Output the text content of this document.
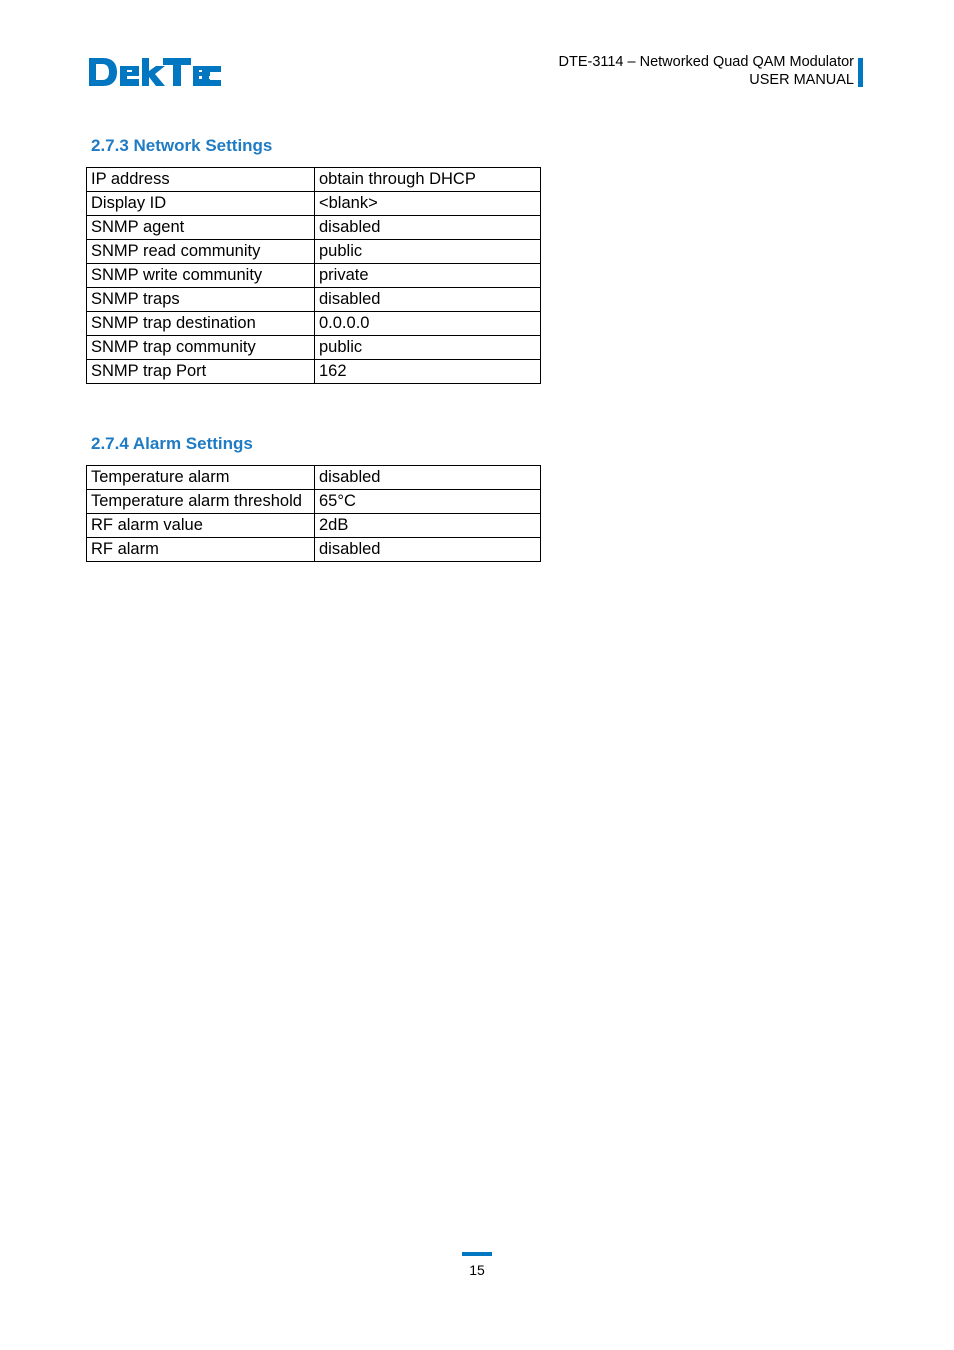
DekTec	DTE-3114 – Networked Quad QAM Modulator
USER MANUAL
2.7.3 Network Settings
IP address	obtain through DHCP
Display ID	<blank>
SNMP agent	disabled
SNMP read community	public
SNMP write community	private
SNMP traps	disabled
SNMP trap destination	0.0.0.0
SNMP trap community	public
SNMP trap Port	162
2.7.4 Alarm Settings
Temperature alarm	disabled
Temperature alarm threshold	65°C
RF alarm value	2dB
RF alarm	disabled
15
